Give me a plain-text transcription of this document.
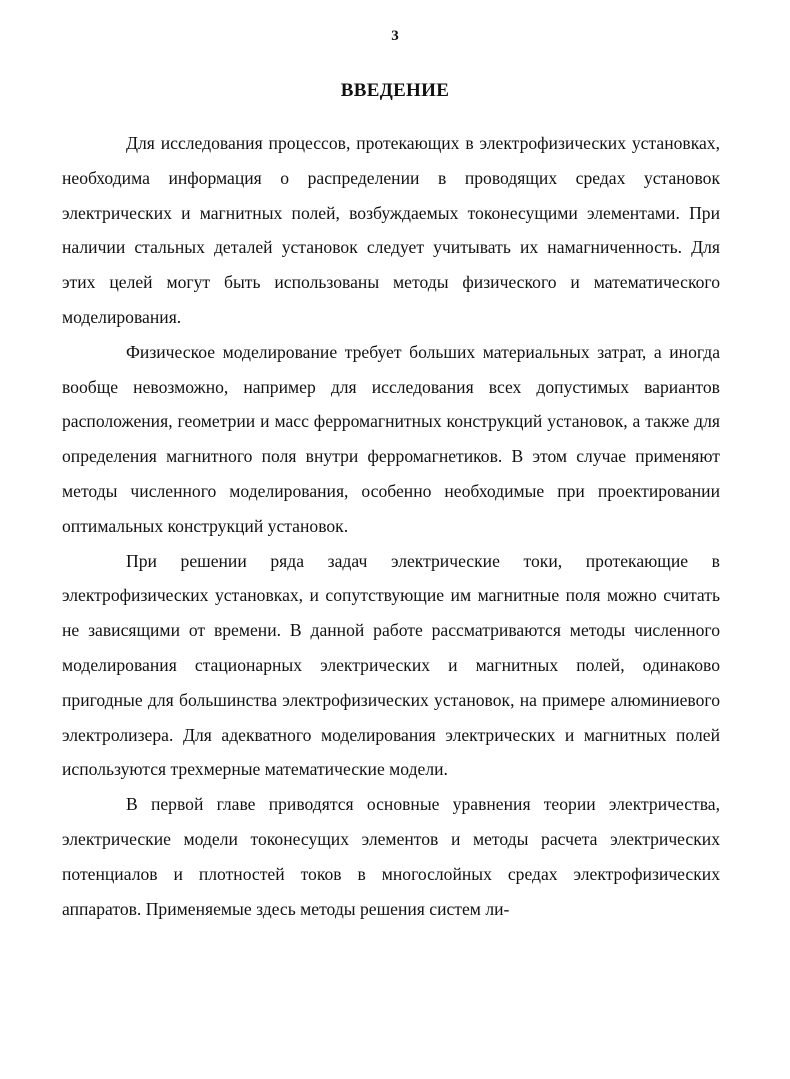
3
ВВЕДЕНИЕ

Для исследования процессов, протекающих в электрофизических установках, необходима информация о распределении в проводящих средах установок электрических и магнитных полей, возбуждаемых токонесущими элементами. При наличии стальных деталей установок следует учитывать их намагниченность. Для этих целей могут быть использованы методы физического и математического моделирования.

Физическое моделирование требует больших материальных затрат, а иногда вообще невозможно, например для исследования всех допустимых вариантов расположения, геометрии и масс ферромагнитных конструкций установок, а также для определения магнитного поля внутри ферромагнетиков. В этом случае применяют методы численного моделирования, особенно необходимые при проектировании оптимальных конструкций установок.

При решении ряда задач электрические токи, протекающие в электрофизических установках, и сопутствующие им магнитные поля можно считать не зависящими от времени. В данной работе рассматриваются методы численного моделирования стационарных электрических и магнитных полей, одинаково пригодные для большинства электрофизических установок, на примере алюминиевого электролизера. Для адекватного моделирования электрических и магнитных полей используются трехмерные математические модели.

В первой главе приводятся основные уравнения теории электричества, электрические модели токонесущих элементов и методы расчета электрических потенциалов и плотностей токов в многослойных средах электрофизических аппаратов. Применяемые здесь методы решения систем ли-
